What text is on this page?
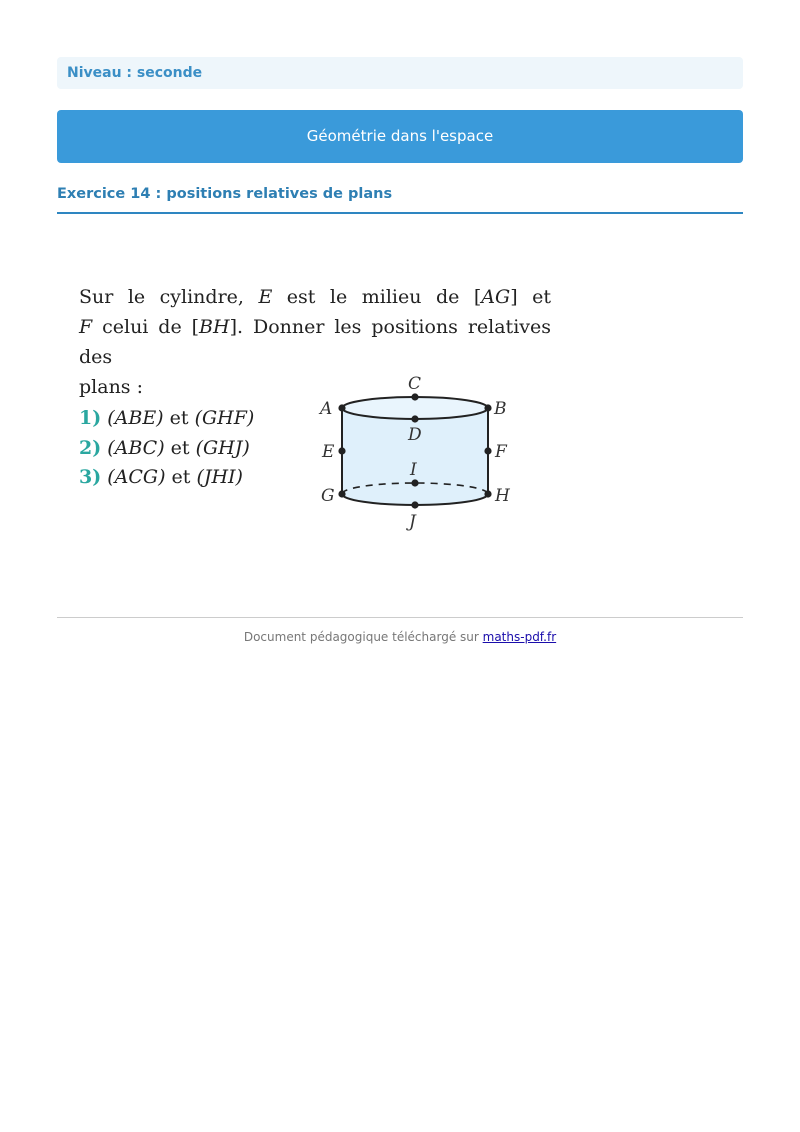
Niveau : seconde
Géométrie dans l'espace
Exercice 14 : positions relatives de plans

Sur le cylindre, E est le milieu de [AG] et

F celui de [BH]. Donner les positions relatives des

plans :

1) (ABE) et (GHF)
2) (ABC) et (GHJ)
3) (ACG) et (JHI)
A	B
C
D
E	F
G	H
I
J
Document pédagogique téléchargé sur maths-pdf.fr
